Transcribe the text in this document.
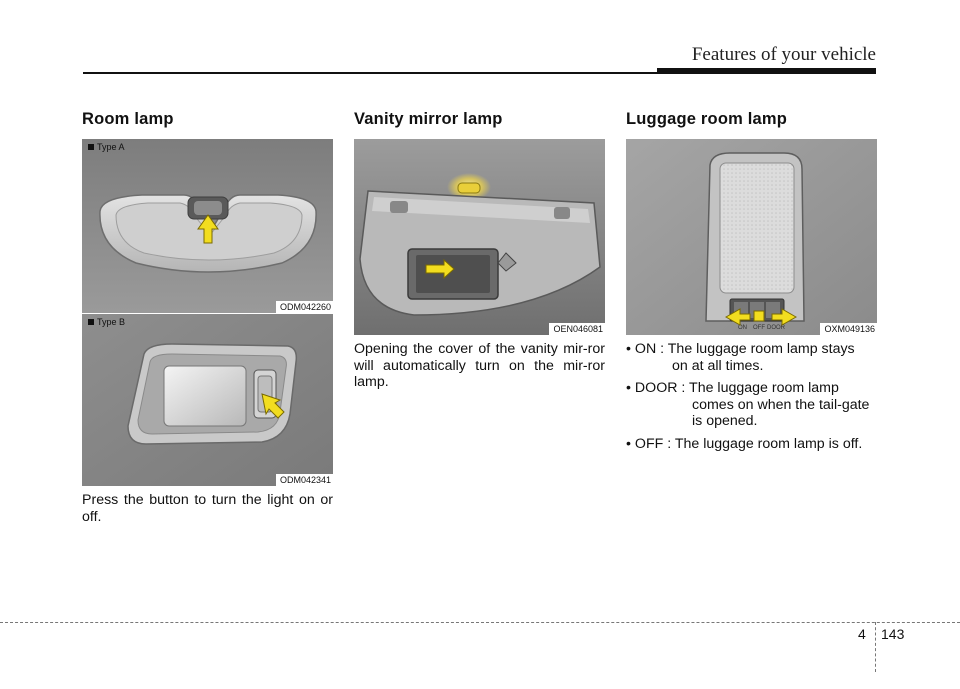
Features of your vehicle
Room lamp
Type A
ODM042260
Type B
ODM042341

Press the button to turn the light on or off.

Vanity mirror lamp
OEN046081

Opening the cover of the vanity mir-ror will automatically turn on the mir-ror lamp.

Luggage room lamp
ON OFF DOOR	OXM049136
• ON : The luggage room lamp stays
on at all times.
• DOOR : The luggage room lamp
comes on when the tail-gate is opened.
• OFF : The luggage room lamp is off.
4 143
